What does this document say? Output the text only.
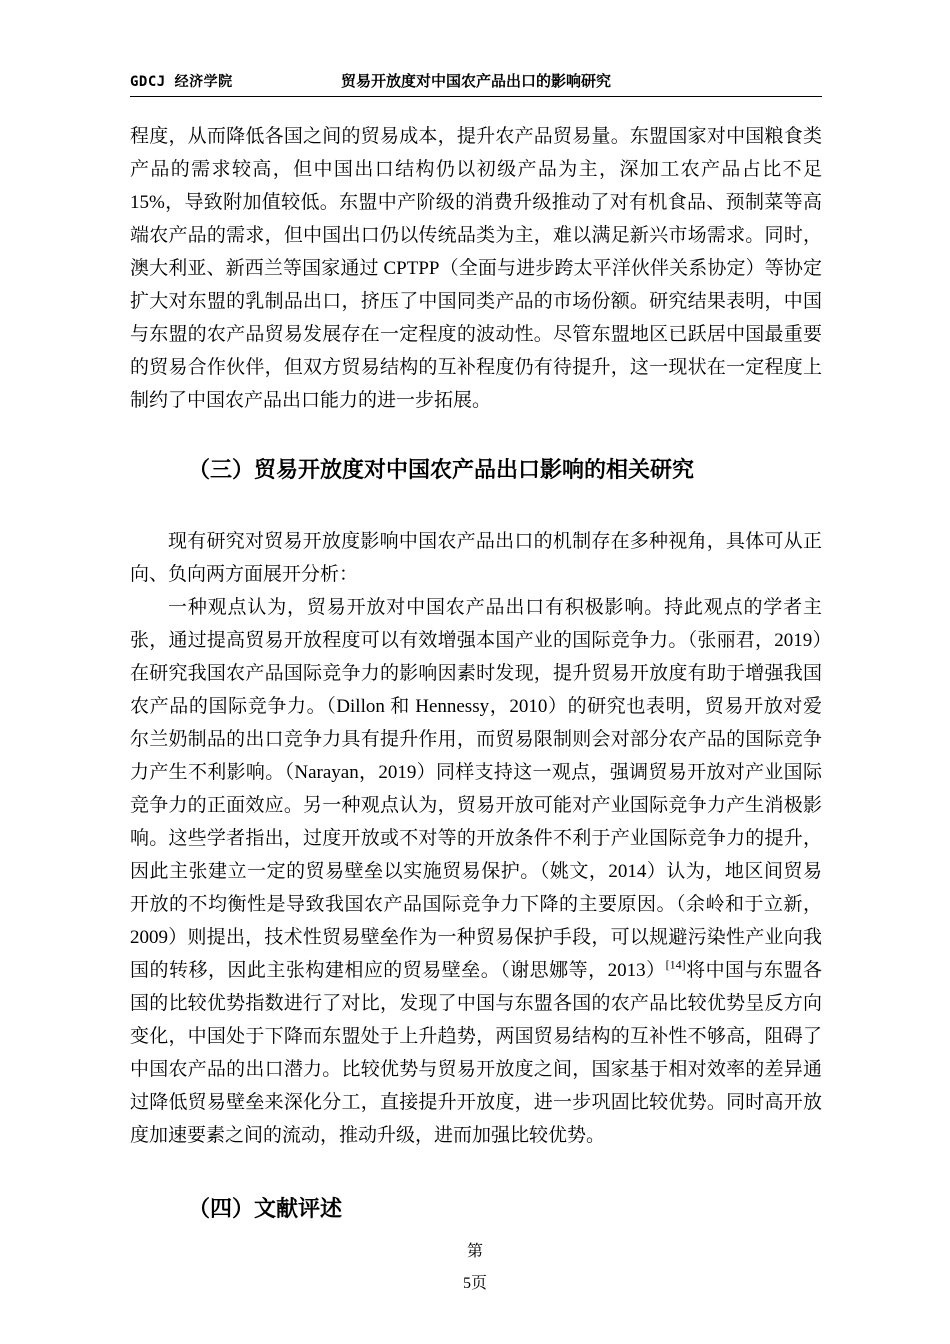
GDCJ 经济学院	贸易开放度对中国农产品出口的影响研究

程度，从而降低各国之间的贸易成本，提升农产品贸易量。东盟国家对中国粮食类产品的需求较高，但中国出口结构仍以初级产品为主，深加工农产品占比不足 15%，导致附加值较低。东盟中产阶级的消费升级推动了对有机食品、预制菜等高端农产品的需求，但中国出口仍以传统品类为主，难以满足新兴市场需求。同时，澳大利亚、新西兰等国家通过 CPTPP（全面与进步跨太平洋伙伴关系协定）等协定扩大对东盟的乳制品出口，挤压了中国同类产品的市场份额。研究结果表明，中国与东盟的农产品贸易发展存在一定程度的波动性。尽管东盟地区已跃居中国最重要的贸易合作伙伴，但双方贸易结构的互补程度仍有待提升，这一现状在一定程度上制约了中国农产品出口能力的进一步拓展。

（三）贸易开放度对中国农产品出口影响的相关研究

现有研究对贸易开放度影响中国农产品出口的机制存在多种视角，具体可从正向、负向两方面展开分析：

一种观点认为，贸易开放对中国农产品出口有积极影响。持此观点的学者主张，通过提高贸易开放程度可以有效增强本国产业的国际竞争力。（张丽君，2019）在研究我国农产品国际竞争力的影响因素时发现，提升贸易开放度有助于增强我国农产品的国际竞争力。（Dillon 和 Hennessy，2010）的研究也表明，贸易开放对爱尔兰奶制品的出口竞争力具有提升作用，而贸易限制则会对部分农产品的国际竞争力产生不利影响。（Narayan，2019）同样支持这一观点，强调贸易开放对产业国际竞争力的正面效应。另一种观点认为，贸易开放可能对产业国际竞争力产生消极影响。这些学者指出，过度开放或不对等的开放条件不利于产业国际竞争力的提升，因此主张建立一定的贸易壁垒以实施贸易保护。（姚文，2014）认为，地区间贸易开放的不均衡性是导致我国农产品国际竞争力下降的主要原因。（余岭和于立新，2009）则提出，技术性贸易壁垒作为一种贸易保护手段，可以规避污染性产业向我国的转移，因此主张构建相应的贸易壁垒。（谢思娜等，2013）[14]将中国与东盟各国的比较优势指数进行了对比，发现了中国与东盟各国的农产品比较优势呈反方向变化，中国处于下降而东盟处于上升趋势，两国贸易结构的互补性不够高，阻碍了中国农产品的出口潜力。比较优势与贸易开放度之间，国家基于相对效率的差异通过降低贸易壁垒来深化分工，直接提升开放度，进一步巩固比较优势。同时高开放度加速要素之间的流动，推动升级，进而加强比较优势。

（四）文献评述
第
5页
